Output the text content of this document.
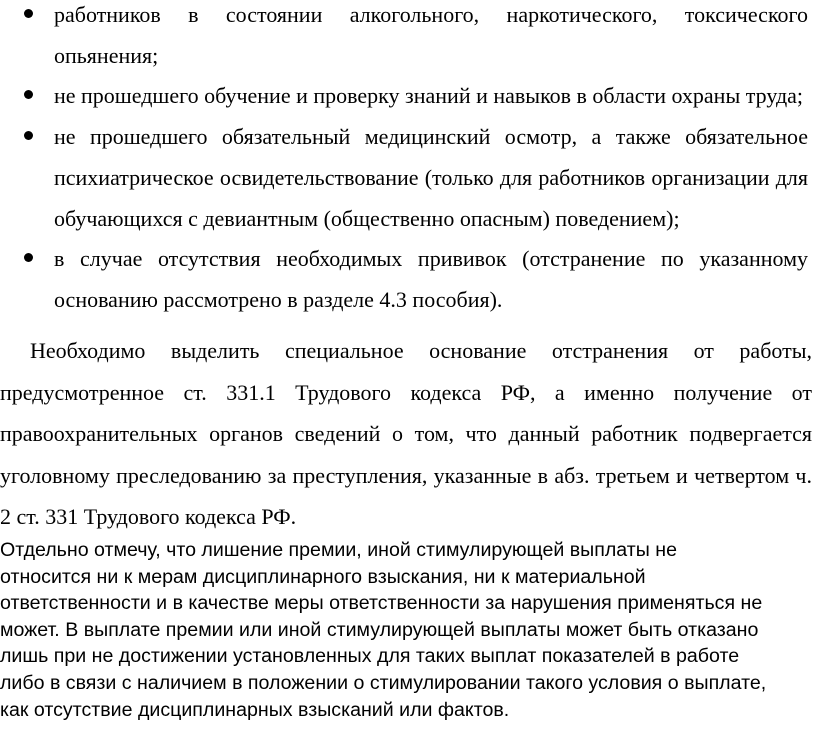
работников в состоянии алкогольного, наркотического, токсического опьянения;
не прошедшего обучение и проверку знаний и навыков в области охраны труда;
не прошедшего обязательный медицинский осмотр, а также обязательное психиатрическое освидетельствование (только для работников организации для обучающихся с девиантным (общественно опасным) поведением);
в случае отсутствия необходимых прививок (отстранение по указанному основанию рассмотрено в разделе 4.3 пособия).

Необходимо выделить специальное основание отстранения от работы, предусмотренное ст. 331.1 Трудового кодекса РФ, а именно получение от правоохранительных органов сведений о том, что данный работник подвергается уголовному преследованию за преступления, указанные в абз. третьем и четвертом ч. 2 ст. 331 Трудового кодекса РФ.

Отдельно отмечу, что лишение премии, иной стимулирующей выплаты не
относится ни к мерам дисциплинарного взыскания, ни к материальной
ответственности и в качестве меры ответственности за нарушения применяться не
может. В выплате премии или иной стимулирующей выплаты может быть отказано
лишь при не достижении установленных для таких выплат показателей в работе
либо в связи с наличием в положении о стимулировании такого условия о выплате,
как отсутствие дисциплинарных взысканий или фактов.
